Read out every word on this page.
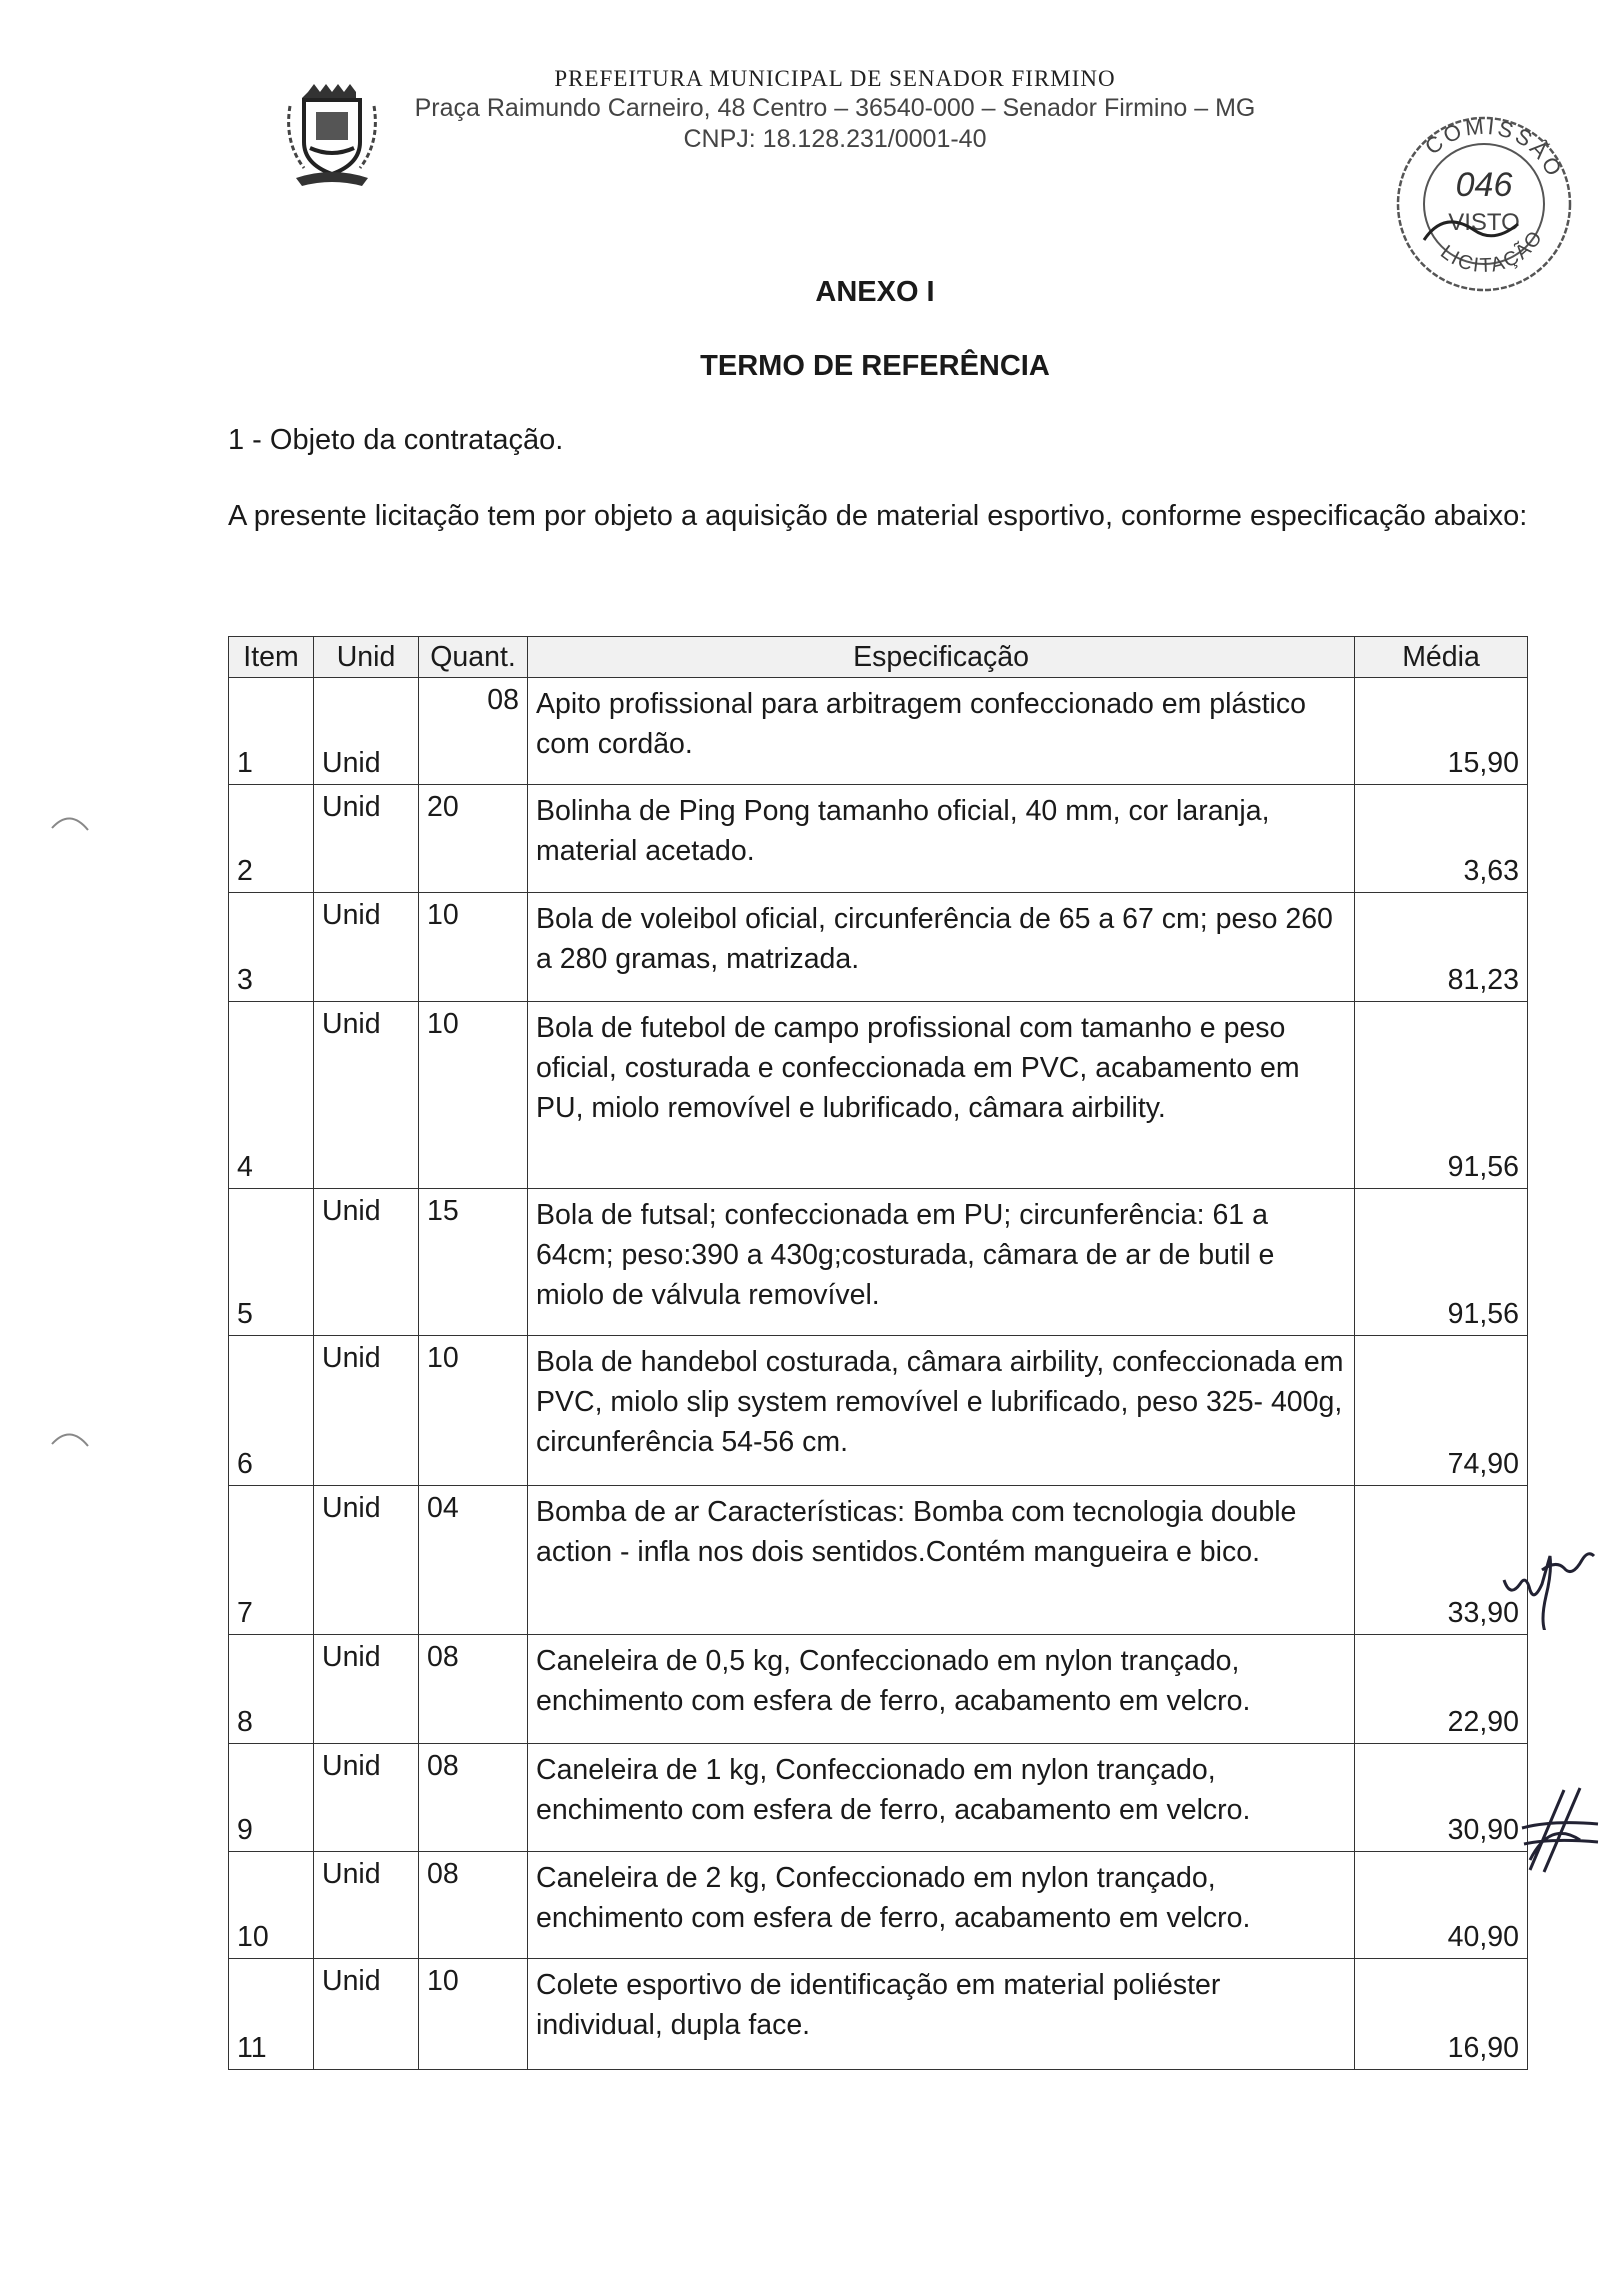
PREFEITURA MUNICIPAL DE SENADOR FIRMINO
Praça Raimundo Carneiro, 48 Centro – 36540-000 – Senador Firmino – MG
CNPJ: 18.128.231/0001-40	COMISSÃO
046
VISTO
LICITAÇÃO
ANEXO I
TERMO DE REFERÊNCIA
1 - Objeto da contratação.
A presente licitação tem por objeto a aquisição de material esportivo, conforme especificação abaixo:
Item	Unid	Quant.	Especificação	Média
1	Unid	08	Apito profissional para arbitragem confeccionado em plástico com cordão.	15,90
2	Unid	20	Bolinha de Ping Pong tamanho oficial, 40 mm, cor laranja, material acetado.	3,63
3	Unid	10	Bola de voleibol oficial, circunferência de 65 a 67 cm; peso 260 a 280 gramas, matrizada.	81,23
4	Unid	10	Bola de futebol de campo profissional com tamanho e peso oficial, costurada e confeccionada em PVC, acabamento em PU, miolo removível e lubrificado, câmara airbility.	91,56
5	Unid	15	Bola de futsal; confeccionada em PU; circunferência: 61 a 64cm; peso:390 a 430g;costurada, câmara de ar de butil e miolo de válvula removível.	91,56
6	Unid	10	Bola de handebol costurada, câmara airbility, confeccionada em PVC, miolo slip system removível e lubrificado, peso 325- 400g, circunferência 54-56 cm.	74,90
7	Unid	04	Bomba de ar Características: Bomba com tecnologia double action - infla nos dois sentidos.Contém mangueira e bico.	33,90
8	Unid	08	Caneleira de 0,5 kg, Confeccionado em nylon trançado, enchimento com esfera de ferro, acabamento em velcro.	22,90
9	Unid	08	Caneleira de 1 kg, Confeccionado em nylon trançado, enchimento com esfera de ferro, acabamento em velcro.	30,90
10	Unid	08	Caneleira de 2 kg, Confeccionado em nylon trançado, enchimento com esfera de ferro, acabamento em velcro.	40,90
11	Unid	10	Colete esportivo de identificação em material poliéster individual, dupla face.	16,90
